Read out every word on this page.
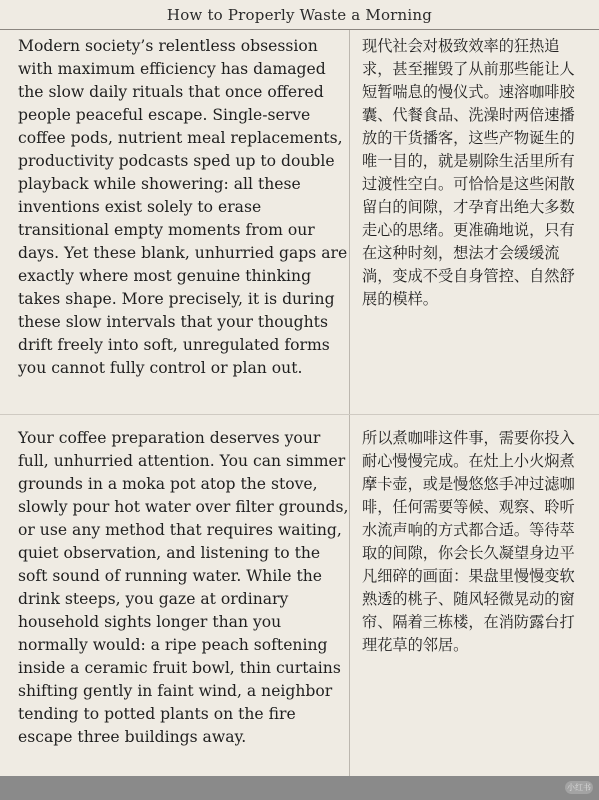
How to Properly Waste a Morning

Modern society’s relentless obsession with maximum efficiency has damaged the slow daily rituals that once offered people peaceful escape. Single-serve coffee pods, nutrient meal replacements, productivity podcasts sped up to double playback while showering: all these inventions exist solely to erase transitional empty moments from our days. Yet these blank, unhurried gaps are exactly where most genuine thinking takes shape. More precisely, it is during these slow intervals that your thoughts drift freely into soft, unregulated forms you cannot fully control or plan out.

现代社会对极致效率的狂热追求，甚至摧毁了从前那些能让人短暂喘息的慢仪式。速溶咖啡胶囊、代餐食品、洗澡时两倍速播放的干货播客，这些产物诞生的唯一目的，就是剔除生活里所有过渡性空白。可恰恰是这些闲散留白的间隙，才孕育出绝大多数走心的思绪。更准确地说，只有在这种时刻，想法才会缓缓流淌，变成不受自身管控、自然舒展的模样。

Your coffee preparation deserves your full, unhurried attention. You can simmer grounds in a moka pot atop the stove, slowly pour hot water over filter grounds, or use any method that requires waiting, quiet observation, and listening to the soft sound of running water. While the drink steeps, you gaze at ordinary household sights longer than you normally would: a ripe peach softening inside a ceramic fruit bowl, thin curtains shifting gently in faint wind, a neighbor tending to potted plants on the fire escape three buildings away.

所以煮咖啡这件事，需要你投入耐心慢慢完成。在灶上小火焖煮摩卡壶，或是慢悠悠手冲过滤咖啡，任何需要等候、观察、聆听水流声响的方式都合适。等待萃取的间隙，你会长久凝望身边平凡细碎的画面：果盘里慢慢变软熟透的桃子、随风轻微晃动的窗帘、隔着三栋楼，在消防露台打理花草的邻居。

小红书
